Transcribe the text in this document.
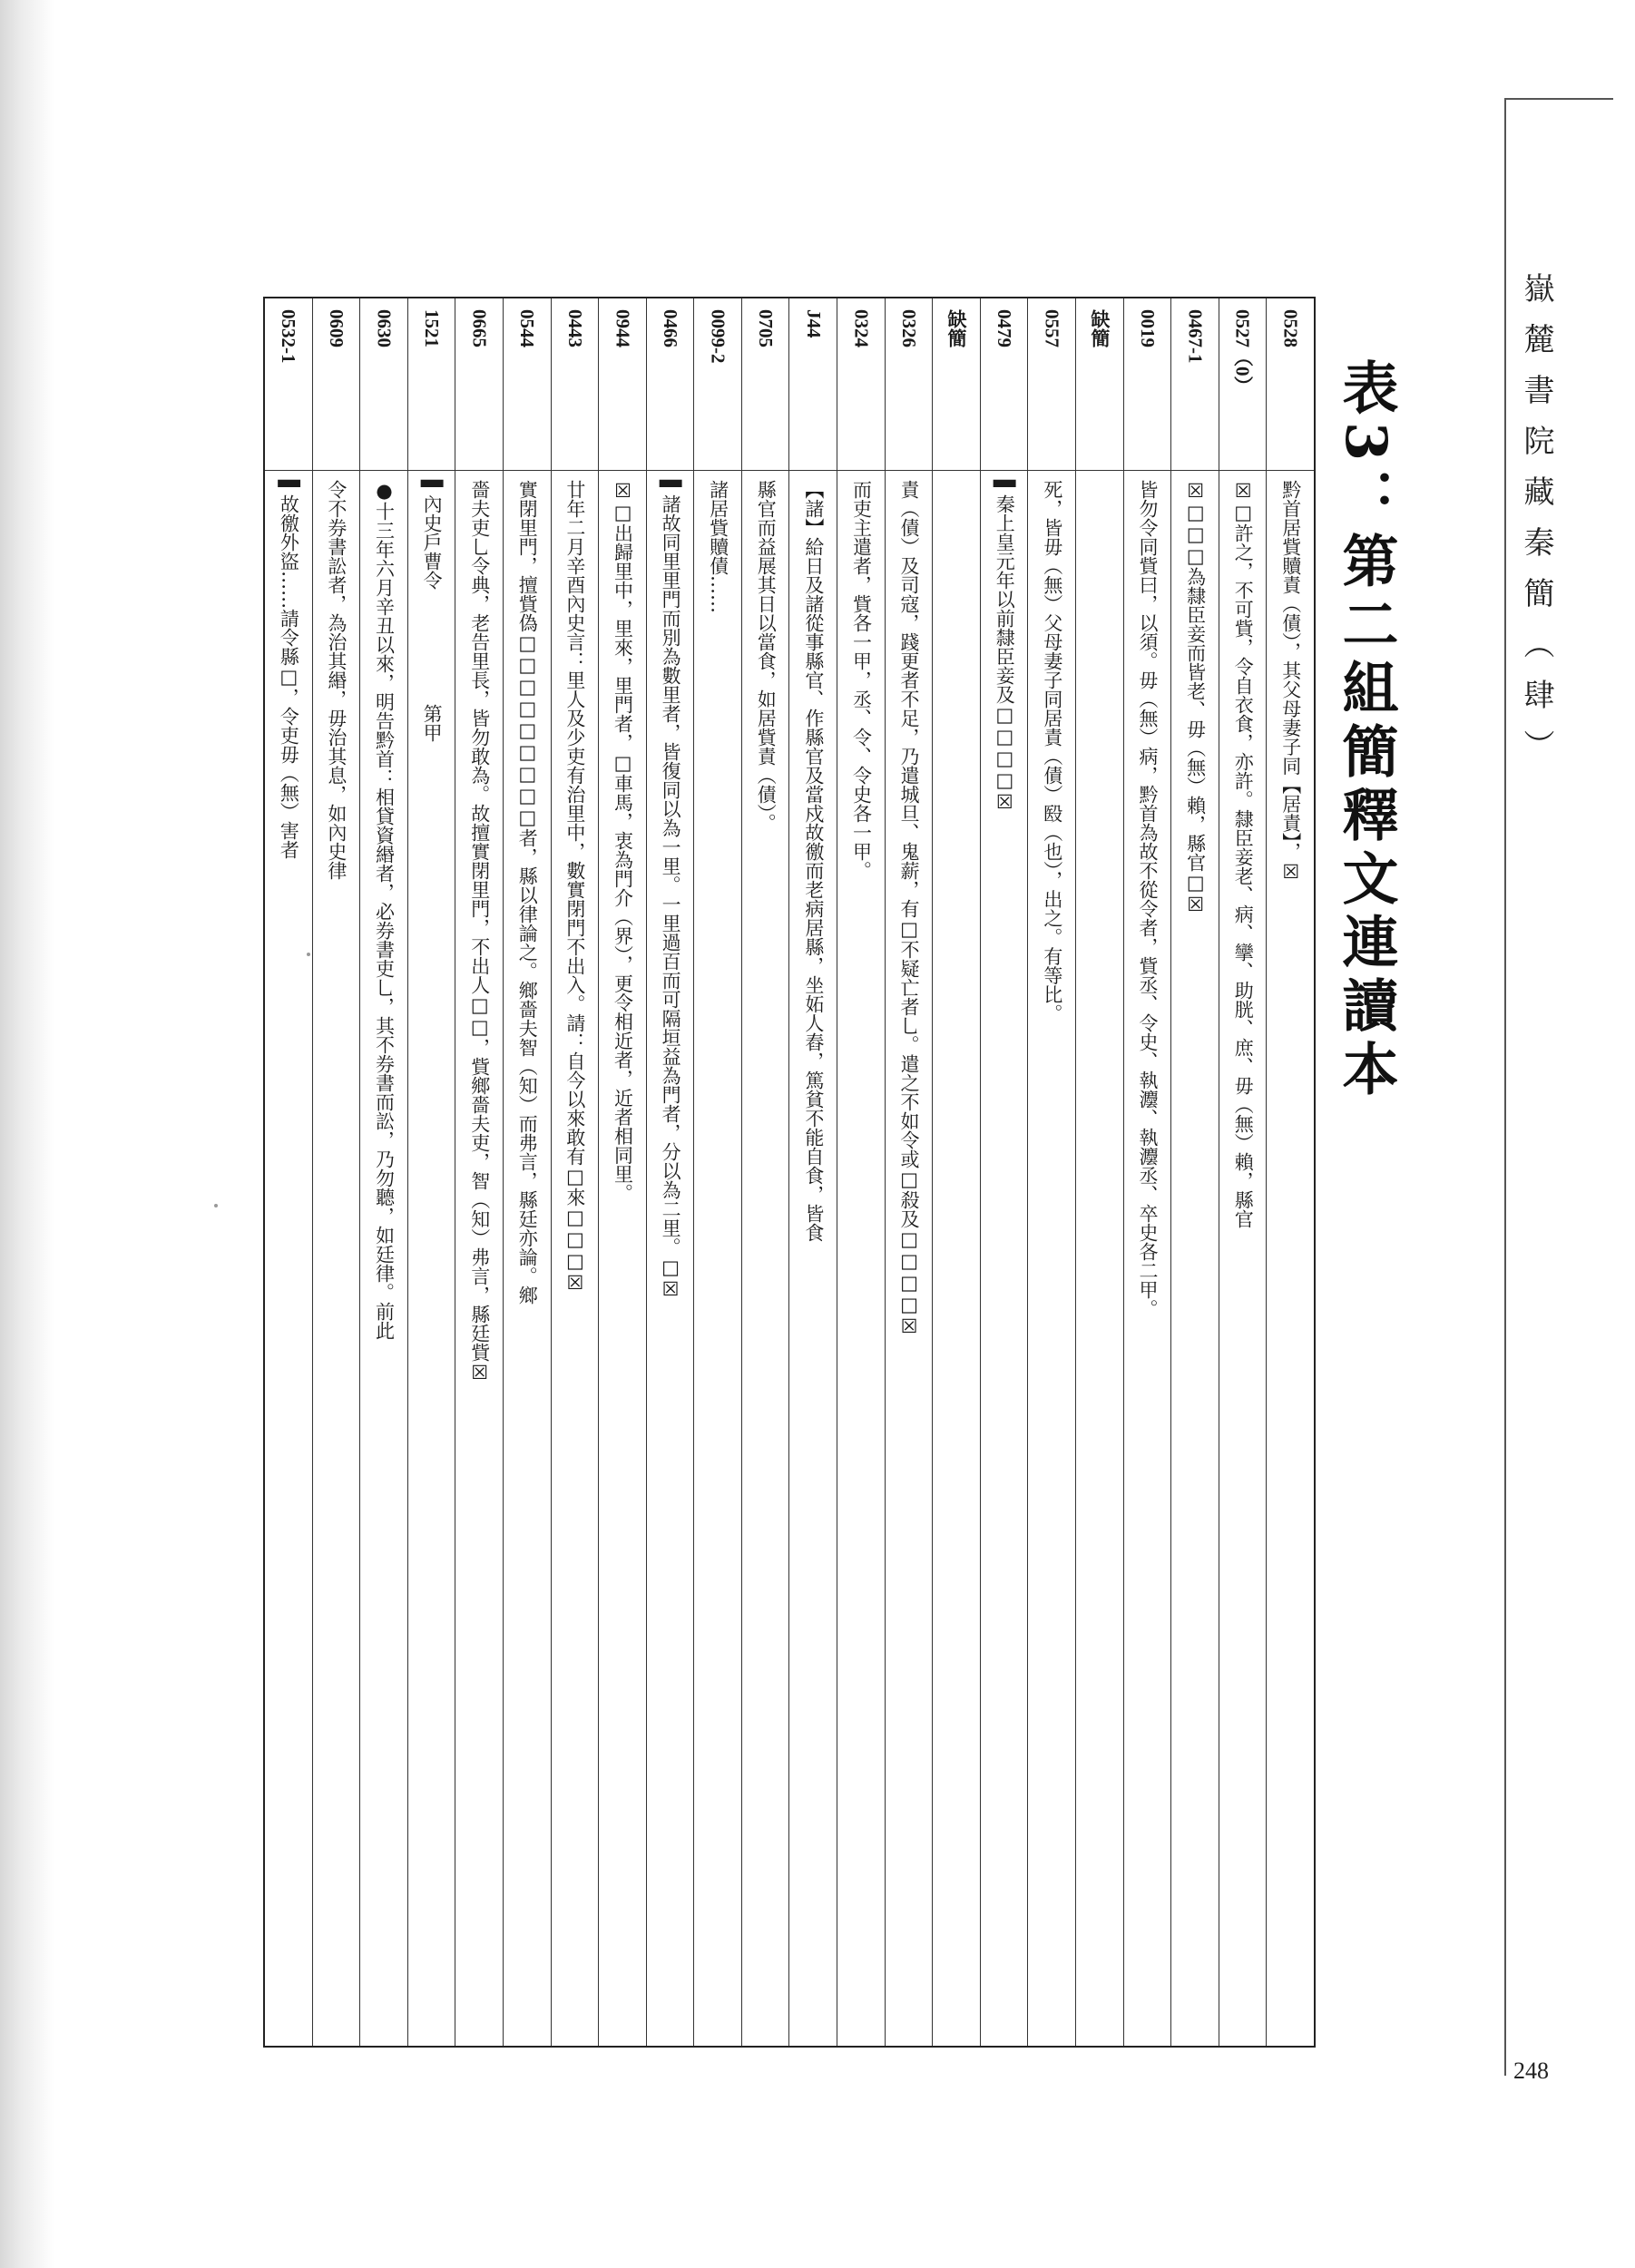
嶽麓書院藏秦簡（肆）
248
表3：第二組簡釋文連讀本
0528
黔首居貲贖責（債），其父母妻子同【居責】，☒
0527（0）
☒□許之，不可貲，令自衣食，亦許。隸臣妾老、病、攣、助胱、庶、毋（無）賴，縣官
0467-1
☒□□□為隸臣妾而皆老、毋（無）賴，縣官□☒
0019
皆勿令同貲曰，以須。毋（無）病，黔首為故不從令者，貲丞、令史、執灋、執灋丞、卒史各二甲。
缺簡
0557
死，皆毋（無）父母妻子同居責（債）殹（也），出之。有等比。
0479
▌秦上皇元年以前隸臣妾及□□□□☒
缺簡
0326
責（債）及司寇，踐更者不足，乃遣城旦、鬼薪，有□不疑亡者乚。遣之不如令或□殺及□□□□☒
0324
而吏主遣者，貲各一甲，丞、令、令史各一甲。
J44
【諸】給日及諸從事縣官、作縣官及當戍故徼而老病居縣，坐妬人舂，篤貧不能自食，皆食
0705
縣官而益展其日以當食，如居貲責（債）。
0099-2
諸居貲贖債……
0466
▌諸故同里里門而別為數里者，皆復同以為一里。一里過百而可隔垣益為門者，分以為二里。□☒
0944
☒□出歸里中，里來，里門者，□車馬，衷為門介（界），更令相近者，近者相同里。
0443
廿年二月辛酉內史言：里人及少吏有治里中，數實閉門不出入。請：自今以來敢有□來□□□☒
0544
實閉里門，擅貲偽□□□□□□□□□者，縣以律論之。鄉嗇夫智（知）而弗言，縣廷亦論。鄉
0665
嗇夫吏乚令典，老告里長，皆勿敢為。故擅實閉里門，不出人□□，貲鄉嗇夫吏，智（知）弗言，縣廷貲☒
1521
▌內史戶曹令　　　　　　第甲
0630
●十三年六月辛丑以來，明告黔首：相貸資緡者，必券書吏乚，其不券書而訟，乃勿聽，如廷律。前此
0609
令不券書訟者，為治其緡，毋治其息，如內史律
0532-1
▌故徼外盜……請令縣□，令吏毋（無）害者
